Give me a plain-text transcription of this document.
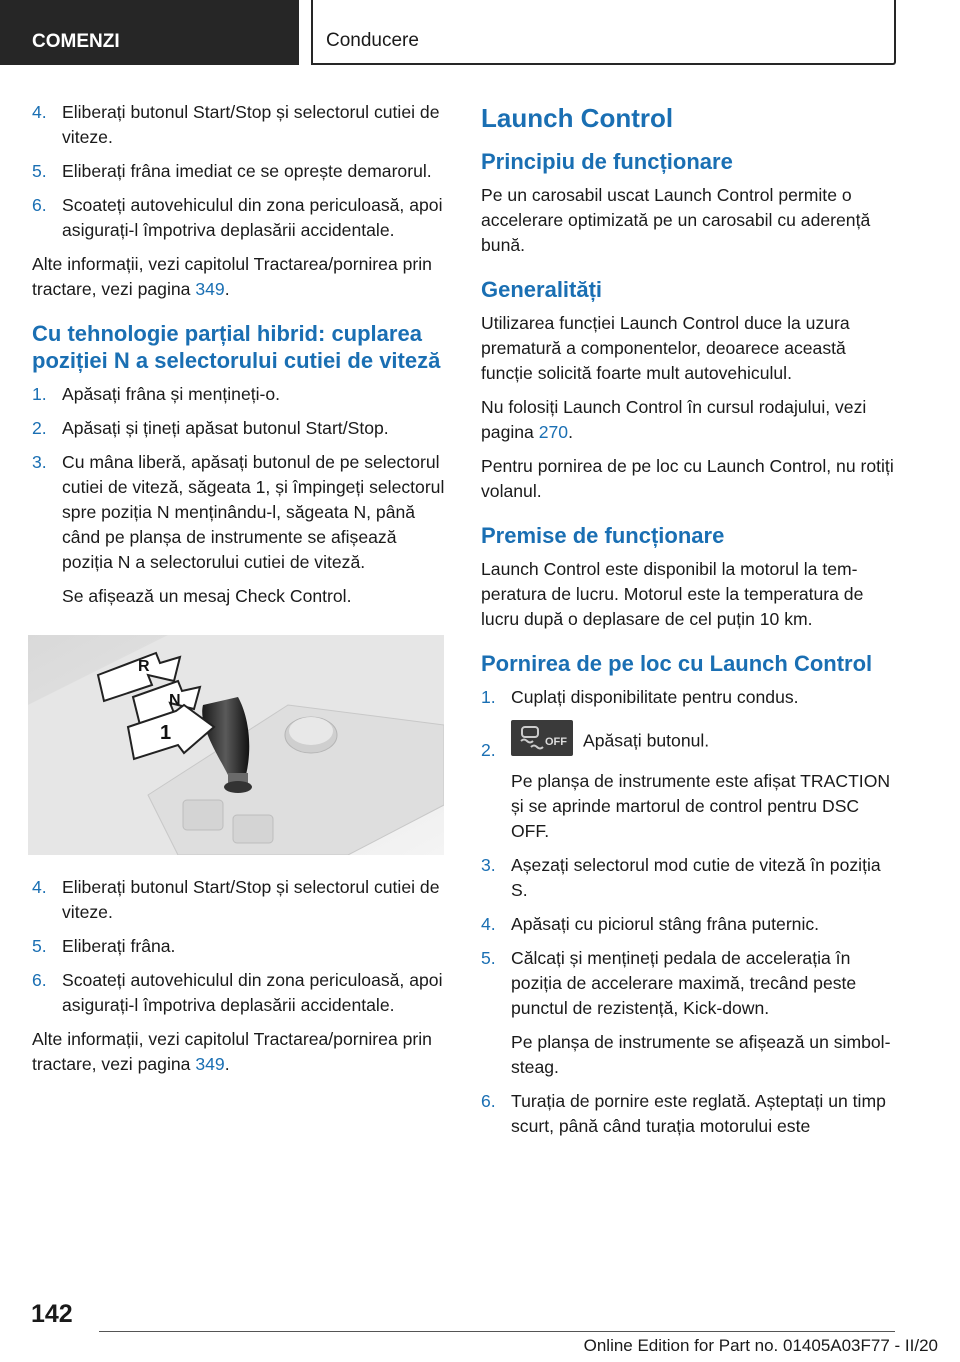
COMENZI	Conducere
4. Eliberați butonul Start/Stop și selectorul cutiei de viteze.
5. Eliberați frâna imediat ce se oprește demarorul.
6. Scoateți autovehiculul din zona periculoasă, apoi asigurați-l împotriva deplasării accidentale.

Alte informații, vezi capitolul Tractarea/pornirea prin tractare, vezi pagina 349.

Cu tehnologie parțial hibrid: cuplarea poziției N a selectorului cutiei de viteză
1. Apăsați frâna și mențineți-o.
2. Apăsați și țineți apăsat butonul Start/Stop.
3. Cu mâna liberă, apăsați butonul de pe selectorul cutiei de viteză, săgeata 1, și împingeți selectorul spre poziția N menținându-l, săgeata N, până când pe planșa de instrumente se afișează poziția N a selectorului cutiei de viteză.
Se afișează un mesaj Check Control.
R
N
1
4. Eliberați butonul Start/Stop și selectorul cutiei de viteze.
5. Eliberați frâna.
6. Scoateți autovehiculul din zona periculoasă, apoi asigurați-l împotriva deplasării accidentale.

Alte informații, vezi capitolul Tractarea/pornirea prin tractare, vezi pagina 349.

Launch Control
Principiu de funcționare

Pe un carosabil uscat Launch Control permite o accelerare optimizată pe un carosabil cu aderență bună.

Generalități

Utilizarea funcției Launch Control duce la uzura prematură a componentelor, deoarece această funcție solicită foarte mult autovehiculul.

Nu folosiți Launch Control în cursul rodajului, vezi pagina 270.

Pentru pornirea de pe loc cu Launch Control, nu rotiți volanul.

Premise de funcționare

Launch Control este disponibil la motorul la temperatura de lucru. Motorul este la temperatura de lucru după o deplasare de cel puțin 10 km.

Pornirea de pe loc cu Launch Control
1. Cuplați disponibilitate pentru condus.
2.	OFF Apăsați butonul.
Pe planșa de instrumente este afișat TRACTION și se aprinde martorul de control pentru DSC OFF.
3. Așezați selectorul mod cutie de viteză în poziția S.
4. Apăsați cu piciorul stâng frâna puternic.
5. Călcați și mențineți pedala de accelerația în poziția de accelerare maximă, trecând peste punctul de rezistență, Kick-down.
Pe planșa de instrumente se afișează un simbol-steag.
6. Turația de pornire este reglată. Așteptați un timp scurt, până când turația motorului este
142
Online Edition for Part no. 01405A03F77 - II/20
